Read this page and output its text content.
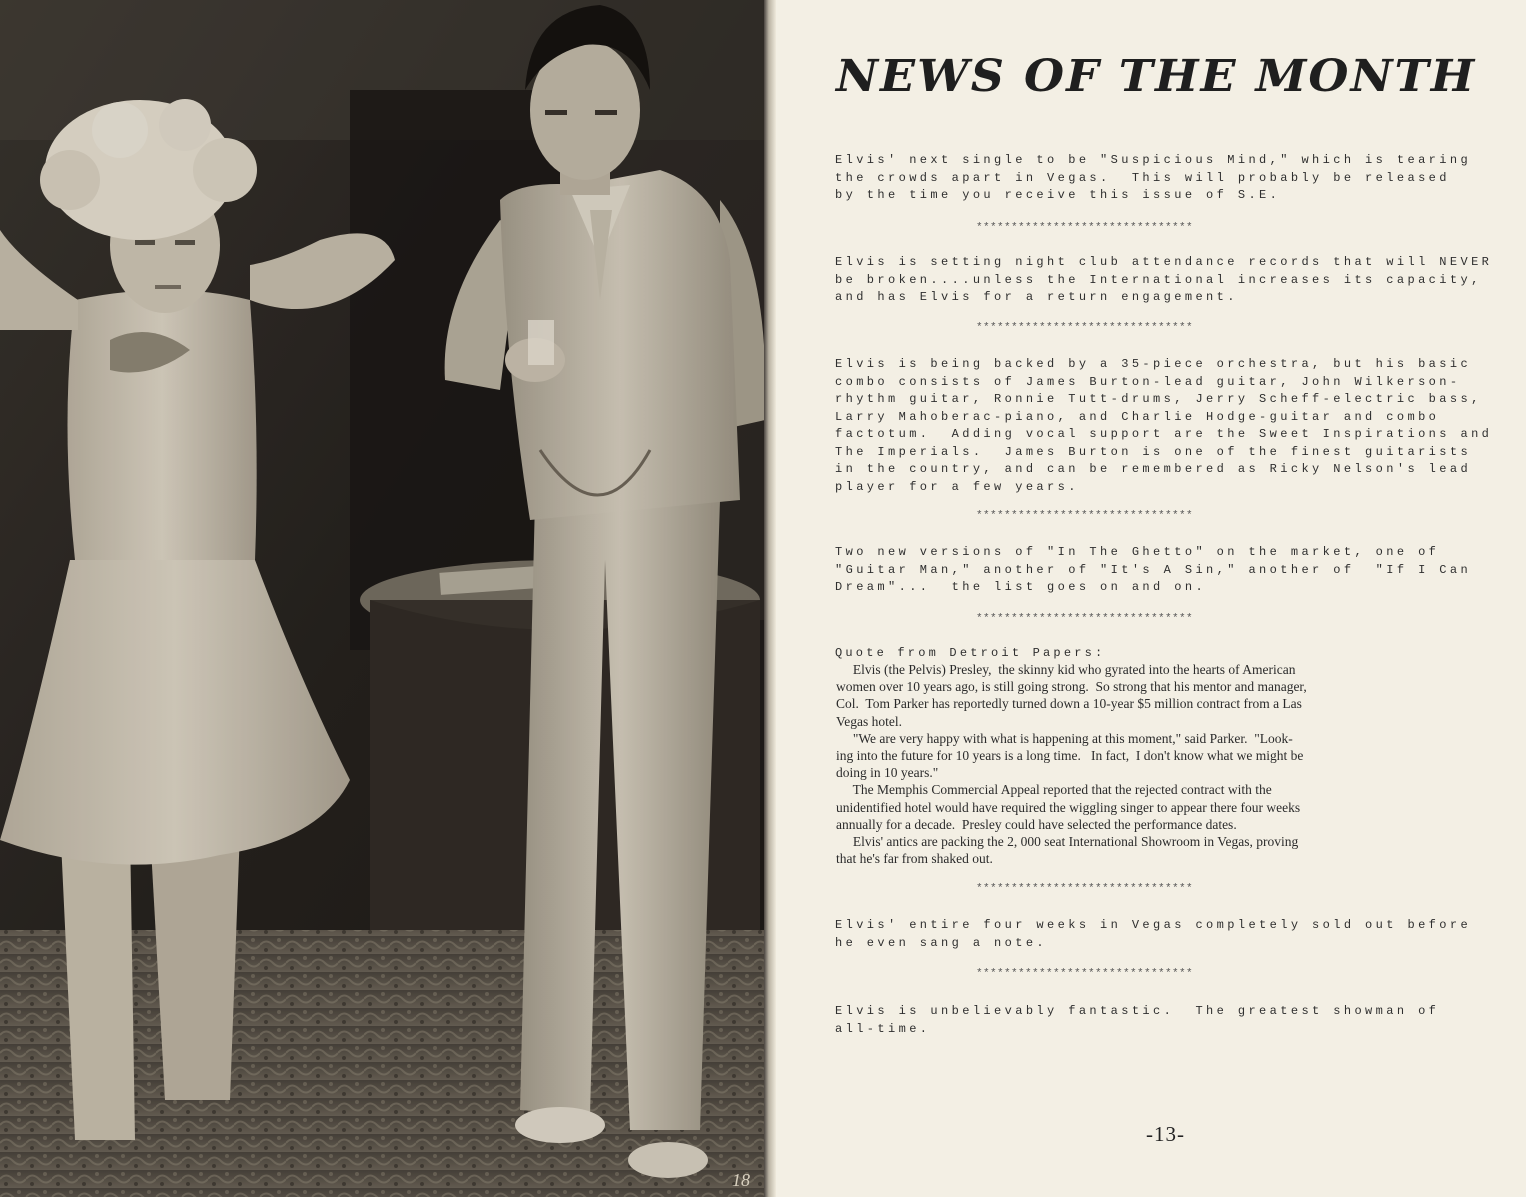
18
NEWS OF THE MONTH

Elvis' next single to be "Suspicious Mind," which is tearing
the crowds apart in Vegas.  This will probably be released
by the time you receive this issue of S.E.

*******************************

Elvis is setting night club attendance records that will NEVER
be broken....unless the International increases its capacity,
and has Elvis for a return engagement.

*******************************

Elvis is being backed by a 35-piece orchestra, but his basic
combo consists of James Burton-lead guitar, John Wilkerson-
rhythm guitar, Ronnie Tutt-drums, Jerry Scheff-electric bass,
Larry Mahoberac-piano, and Charlie Hodge-guitar and combo
factotum.  Adding vocal support are the Sweet Inspirations and
The Imperials.  James Burton is one of the finest guitarists
in the country, and can be remembered as Ricky Nelson's lead
player for a few years.

*******************************

Two new versions of "In The Ghetto" on the market, one of
"Guitar Man," another of "It's A Sin," another of  "If I Can
Dream"...  the list goes on and on.

*******************************

Quote from Detroit Papers:

Elvis (the Pelvis) Presley,  the skinny kid who gyrated into the hearts of American
women over 10 years ago, is still going strong.  So strong that his mentor and manager,
Col.  Tom Parker has reportedly turned down a 10-year $5 million contract from a Las
Vegas hotel.
"We are very happy with what is happening at this moment," said Parker.  "Look-
ing into the future for 10 years is a long time.   In fact,  I don't know what we might be
doing in 10 years."
The Memphis Commercial Appeal reported that the rejected contract with the
unidentified hotel would have required the wiggling singer to appear there four weeks
annually for a decade.  Presley could have selected the performance dates.
Elvis' antics are packing the 2, 000 seat International Showroom in Vegas, proving
that he's far from shaked out.

*******************************

Elvis' entire four weeks in Vegas completely sold out before
he even sang a note.

*******************************

Elvis is unbelievably fantastic.  The greatest showman of
all-time.

-13-
